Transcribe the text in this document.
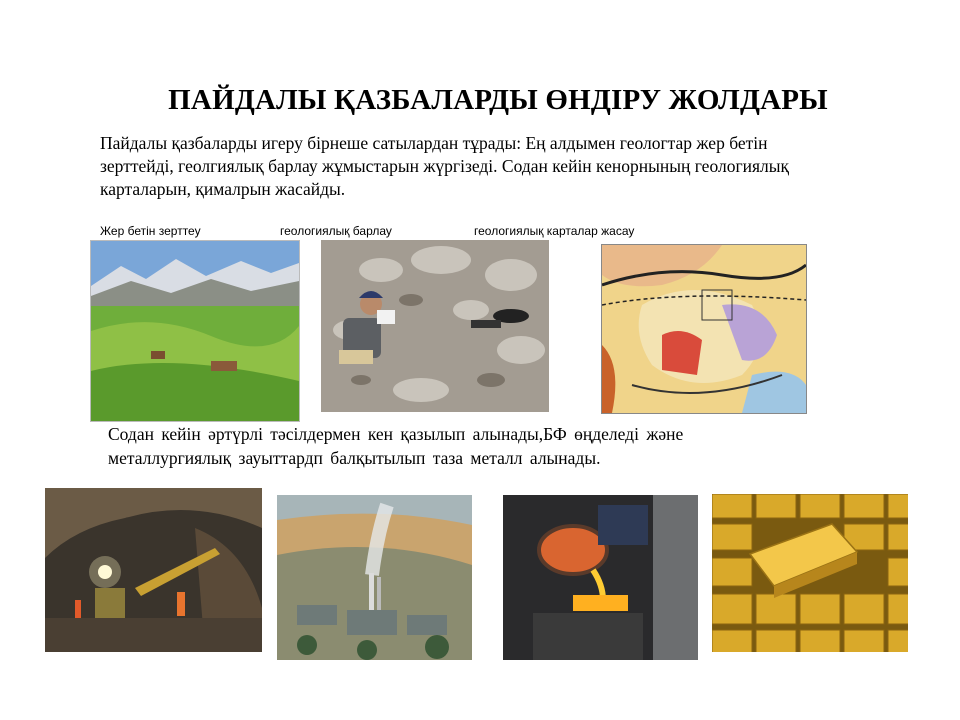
ПАЙДАЛЫ ҚАЗБАЛАРДЫ ӨНДІРУ ЖОЛДАРЫ
Пайдалы қазбаларды игеру бірнеше сатылардан тұрады: Ең алдымен геологтар жер бетін зерттейді, геолгиялық барлау жұмыстарын жүргізеді. Содан кейін кенорнының геологиялық карталарын, қималрын жасайды.
Жер бетін зерттеу	геологиялық барлау	геологиялық карталар жасау
Содан кейін әртүрлі тәсілдермен кен қазылып алынады,БФ өңделеді және металлургиялық зауыттардп балқытылып таза металл алынады.
